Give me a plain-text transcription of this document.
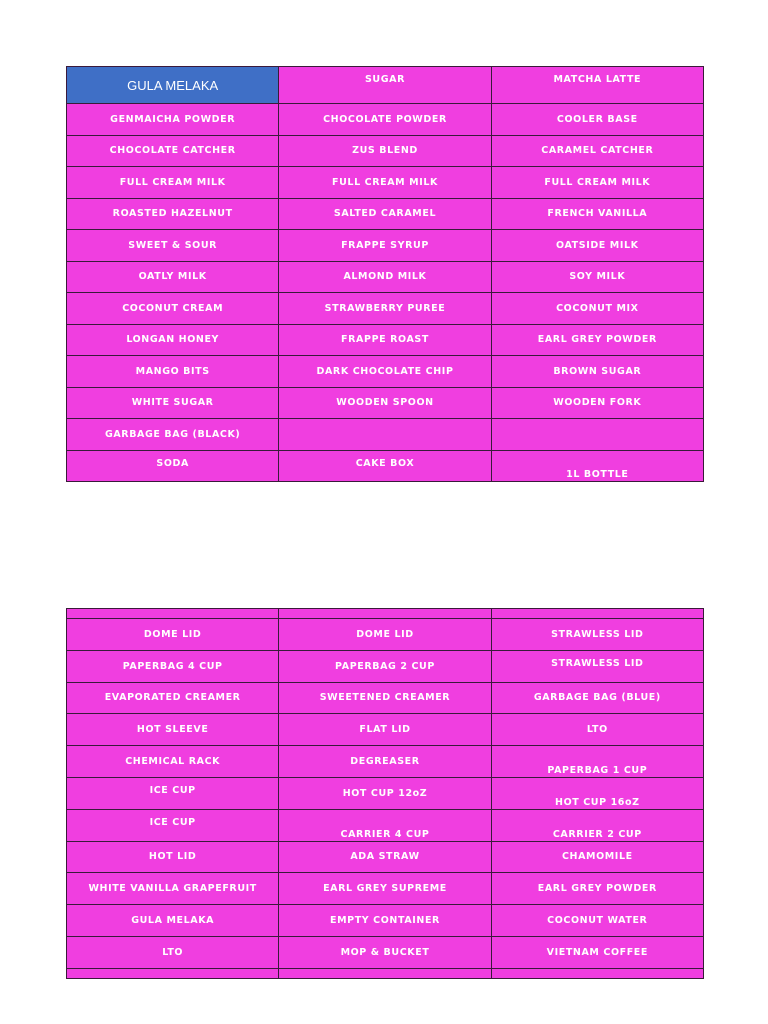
GULA MELAKA	SUGAR	MATCHA LATTE
GENMAICHA POWDER	CHOCOLATE POWDER	COOLER BASE
CHOCOLATE CATCHER	ZUS BLEND	CARAMEL CATCHER
FULL CREAM MILK	FULL CREAM MILK	FULL CREAM MILK
ROASTED HAZELNUT	SALTED CARAMEL	FRENCH VANILLA
SWEET & SOUR	FRAPPE SYRUP	OATSIDE MILK
OATLY MILK	ALMOND MILK	SOY MILK
COCONUT CREAM	STRAWBERRY PUREE	COCONUT MIX
LONGAN HONEY	FRAPPE ROAST	EARL GREY POWDER
MANGO BITS	DARK CHOCOLATE CHIP	BROWN SUGAR
WHITE SUGAR	WOODEN SPOON	WOODEN FORK
GARBAGE BAG (BLACK)		
SODA	CAKE BOX	1L BOTTLE

DOME LID	DOME LID	STRAWLESS LID
PAPERBAG 4 CUP	PAPERBAG 2 CUP	STRAWLESS LID
EVAPORATED CREAMER	SWEETENED CREAMER	GARBAGE BAG (BLUE)
HOT SLEEVE	FLAT LID	LTO
CHEMICAL RACK	DEGREASER	PAPERBAG 1 CUP
ICE CUP	HOT CUP 12oZ	HOT CUP 16oZ
ICE CUP	CARRIER 4 CUP	CARRIER 2 CUP
HOT LID	ADA STRAW	CHAMOMILE
WHITE VANILLA GRAPEFRUIT	EARL GREY SUPREME	EARL GREY POWDER
GULA MELAKA	EMPTY CONTAINER	COCONUT WATER
LTO	MOP & BUCKET	VIETNAM COFFEE
